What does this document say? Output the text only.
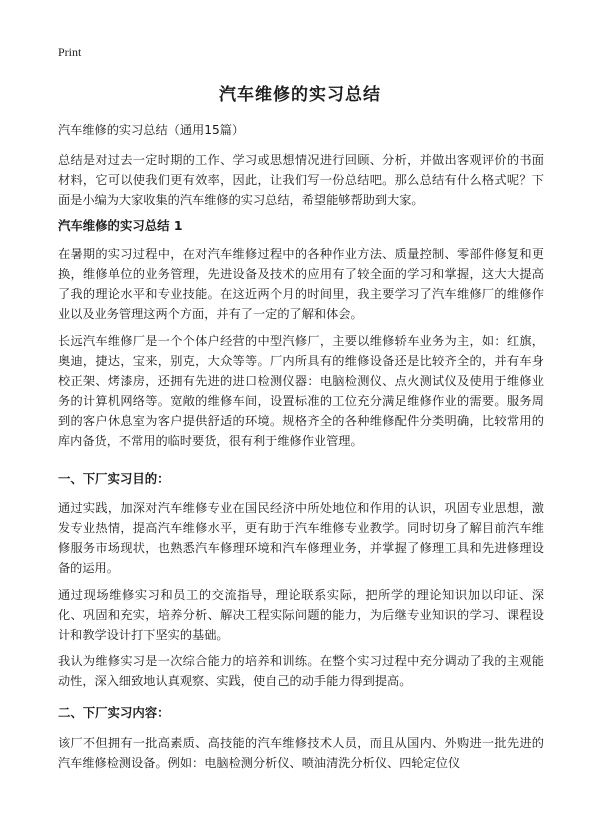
Print
汽车维修的实习总结

汽车维修的实习总结（通用15篇）

总结是对过去一定时期的工作、学习或思想情况进行回顾、分析，并做出客观评价的书面材料，它可以使我们更有效率，因此，让我们写一份总结吧。那么总结有什么格式呢？下面是小编为大家收集的汽车维修的实习总结，希望能够帮助到大家。

汽车维修的实习总结 1

在暑期的实习过程中，在对汽车维修过程中的各种作业方法、质量控制、零部件修复和更换，维修单位的业务管理，先进设备及技术的应用有了较全面的学习和掌握，这大大提高了我的理论水平和专业技能。在这近两个月的时间里，我主要学习了汽车维修厂的维修作业以及业务管理这两个方面，并有了一定的了解和体会。

长远汽车维修厂是一个个体户经营的中型汽修厂，主要以维修轿车业务为主，如：红旗，奥迪，捷达，宝来，别克，大众等等。厂内所具有的维修设备还是比较齐全的，并有车身校正架、烤漆房，还拥有先进的进口检测仪器：电脑检测仪、点火测试仪及使用于维修业务的计算机网络等。宽敞的维修车间，设置标准的工位充分满足维修作业的需要。服务周到的客户休息室为客户提供舒适的环境。规格齐全的各种维修配件分类明确，比较常用的库内备货，不常用的临时要货，很有利于维修作业管理。

一、下厂实习目的：

通过实践，加深对汽车维修专业在国民经济中所处地位和作用的认识，巩固专业思想，激发专业热情，提高汽车维修水平，更有助于汽车维修专业教学。同时切身了解目前汽车维修服务市场现状，也熟悉汽车修理环境和汽车修理业务，并掌握了修理工具和先进修理设备的运用。

通过现场维修实习和员工的交流指导，理论联系实际，把所学的理论知识加以印证、深化、巩固和充实，培养分析、解决工程实际问题的能力，为后继专业知识的学习、课程设计和教学设计打下坚实的基础。

我认为维修实习是一次综合能力的培养和训练。在整个实习过程中充分调动了我的主观能动性，深入细致地认真观察、实践，使自己的动手能力得到提高。

二、下厂实习内容：

该厂不但拥有一批高素质、高技能的汽车维修技术人员，而且从国内、外购进一批先进的汽车维修检测设备。例如：电脑检测分析仪、喷油清洗分析仪、四轮定位仪
